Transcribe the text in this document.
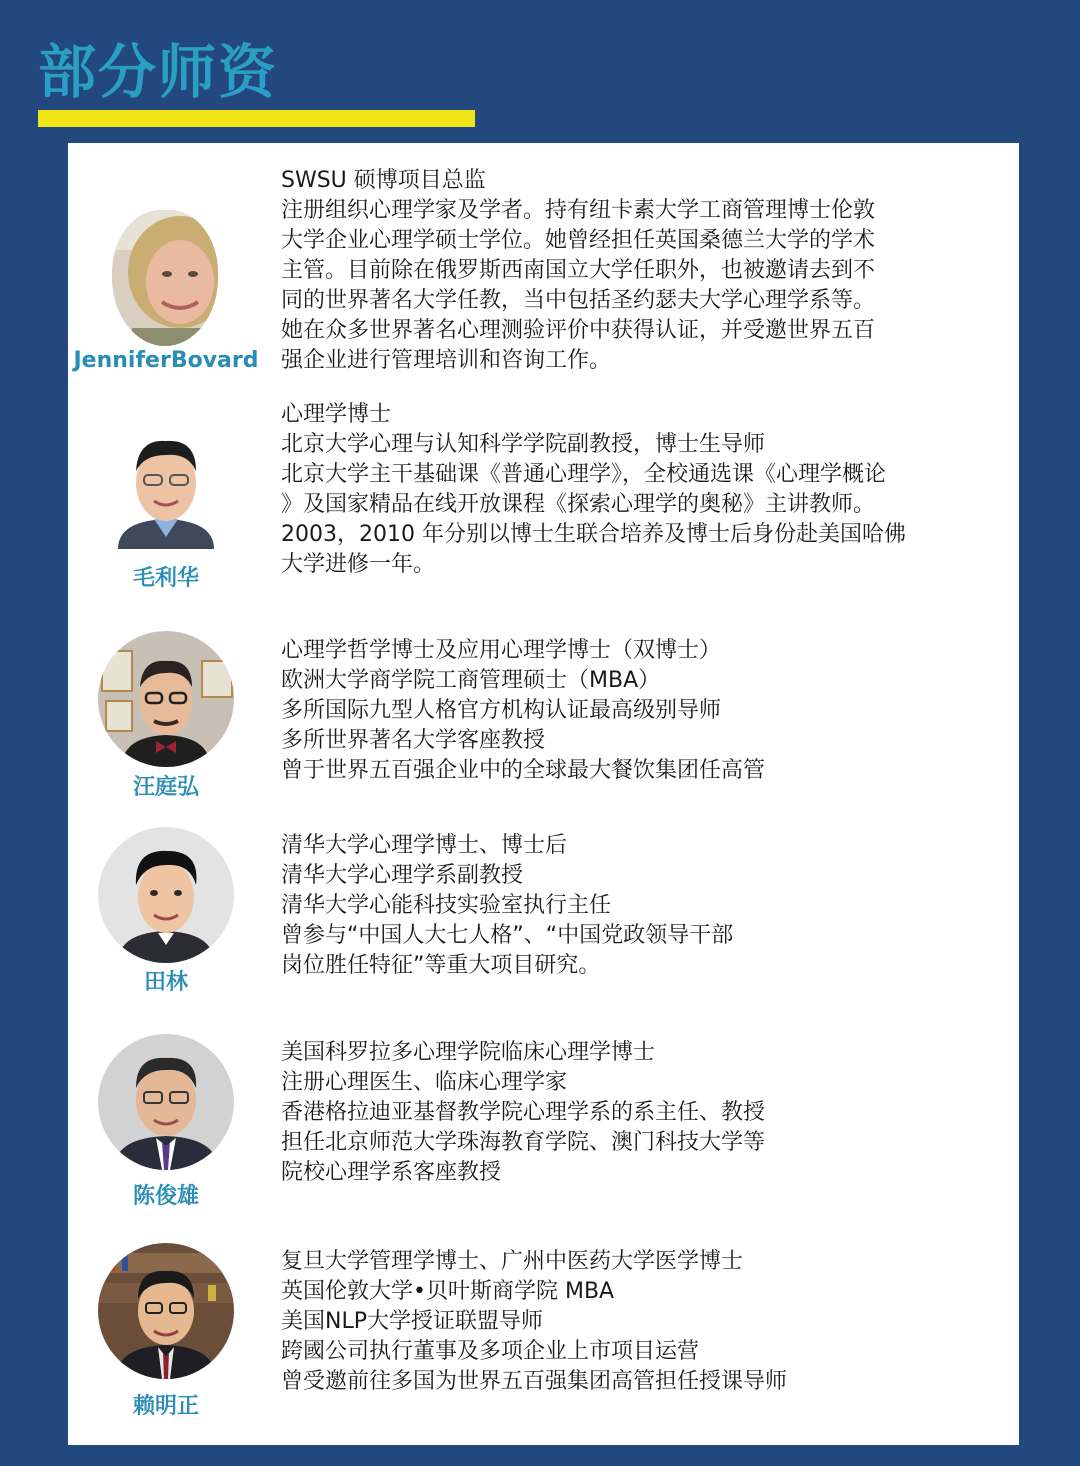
部分师资
JenniferBovard
SWSU 硕博项目总监
注册组织心理学家及学者。持有纽卡素大学工商管理博士伦敦
大学企业心理学硕士学位。她曾经担任英国桑德兰大学的学术
主管。目前除在俄罗斯西南国立大学任职外，也被邀请去到不
同的世界著名大学任教，当中包括圣约瑟夫大学心理学系等。
她在众多世界著名心理测验评价中获得认证，并受邀世界五百
强企业进行管理培训和咨询工作。
毛利华
心理学博士
北京大学心理与认知科学学院副教授，博士生导师
北京大学主干基础课《普通心理学》，全校通选课《心理学概论
》及国家精品在线开放课程《探索心理学的奥秘》主讲教师。
2003，2010 年分别以博士生联合培养及博士后身份赴美国哈佛
大学进修一年。
汪庭弘
心理学哲学博士及应用心理学博士（双博士）
欧洲大学商学院工商管理硕士（MBA）
多所国际九型人格官方机构认证最高级别导师
多所世界著名大学客座教授
曾于世界五百强企业中的全球最大餐饮集团任高管
田林
清华大学心理学博士、博士后
清华大学心理学系副教授
清华大学心能科技实验室执行主任
曾参与“中国人大七人格”、“中国党政领导干部
岗位胜任特征”等重大项目研究。
陈俊雄
美国科罗拉多心理学院临床心理学博士
注册心理医生、临床心理学家
香港格拉迪亚基督教学院心理学系的系主任、教授
担任北京师范大学珠海教育学院、澳门科技大学等
院校心理学系客座教授
赖明正
复旦大学管理学博士、广州中医药大学医学博士
英国伦敦大学•贝叶斯商学院 MBA
美国NLP大学授证联盟导师
跨國公司执行董事及多项企业上市项目运营
曾受邀前往多国为世界五百强集团高管担任授课导师
